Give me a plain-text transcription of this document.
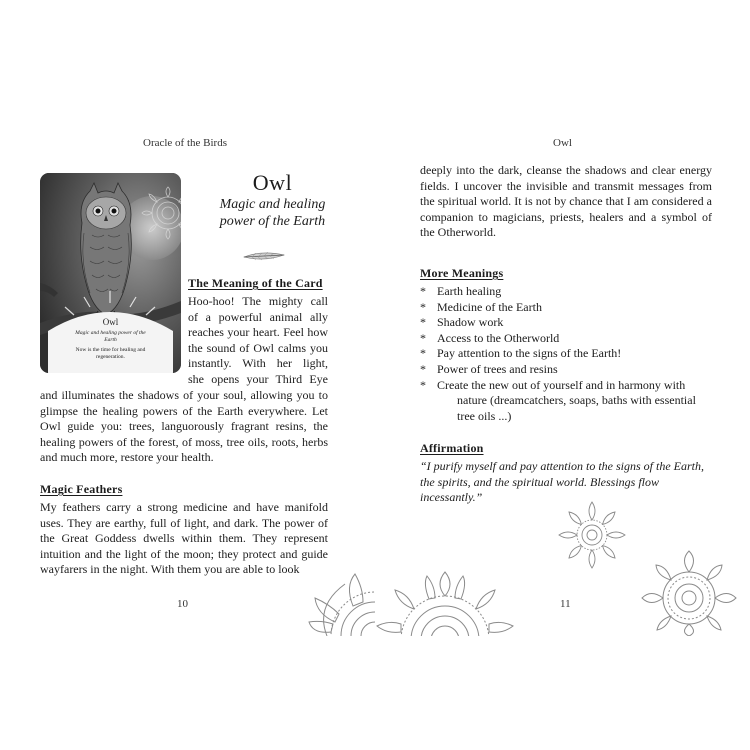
Oracle of the Birds
Owl
Magic and healing power of the Earth
Now is the time for healing and regeneration.
Owl
Magic and healing
power of the Earth
The Meaning of the Card
Hoo-hoo! The mighty call
of a powerful animal ally
reaches your heart. Feel how
the sound of Owl calms you
instantly. With her light,
she opens your Third Eye

and illuminates the shadows of your soul, allowing you to glimpse the healing powers of the Earth everywhere. Let Owl guide you: trees, languorously fragrant resins, the healing powers of the forest, of moss, tree oils, roots, herbs and much more, restore your health.

Magic Feathers

My feathers carry a strong medicine and have manifold uses. They are earthy, full of light, and dark. The power of the Great Goddess dwells within them. They represent intuition and the light of the moon; they protect and guide wayfarers in the night. With them you are able to look

10
Owl

deeply into the dark, cleanse the shadows and clear energy fields. I uncover the invisible and transmit messages from the spiritual world. It is not by chance that I am considered a companion to magicians, priests, healers and a symbol of the Otherworld.

More Meanings
* Earth healing
* Medicine of the Earth
* Shadow work
* Access to the Otherworld
* Pay attention to the signs of the Earth!
* Power of trees and resins
* Create the new out of yourself and in harmony with
nature (dreamcatchers, soaps, baths with essential
tree oils ...)
Affirmation

“I purify myself and pay attention to the signs of the Earth, the spirits, and the spiritual world. Blessings flow incessantly.”

11
